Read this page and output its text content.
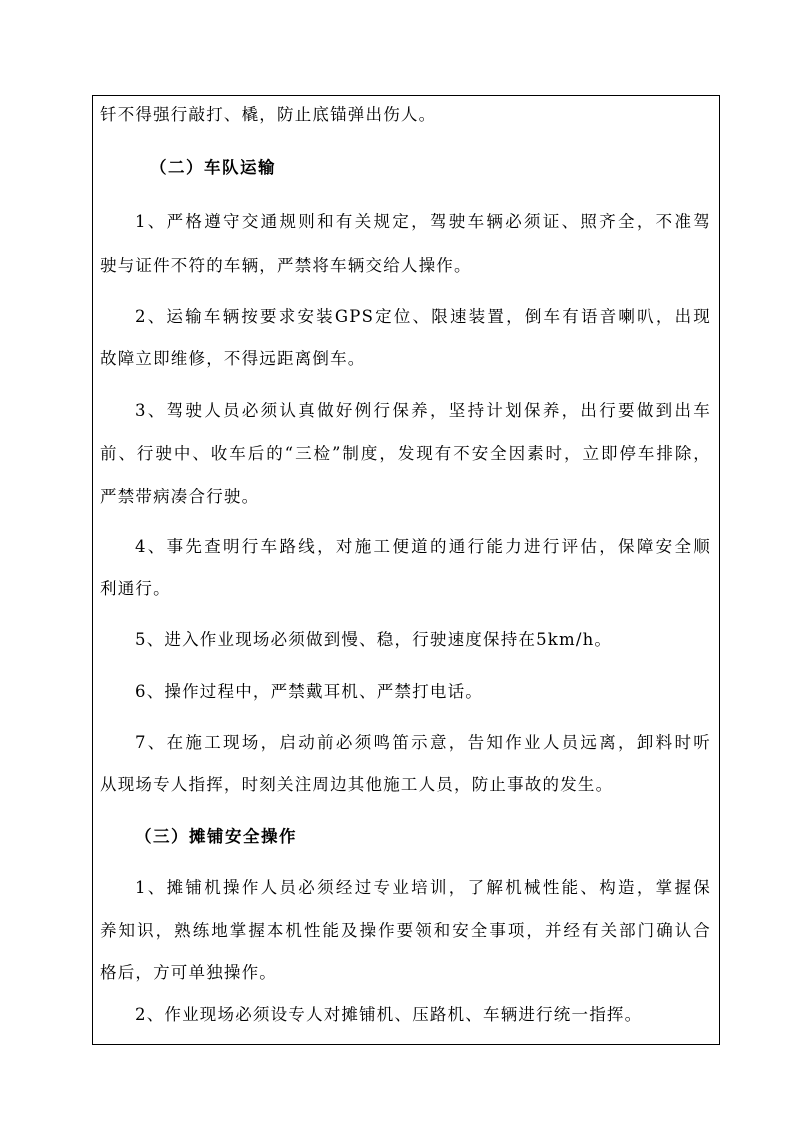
钎不得强行敲打、橇，防止底锚弹出伤人。
（二）车队运输
1、严格遵守交通规则和有关规定，驾驶车辆必须证、照齐全，不准驾
驶与证件不符的车辆，严禁将车辆交给人操作。
2、运输车辆按要求安装GPS定位、限速装置，倒车有语音喇叭，出现
故障立即维修，不得远距离倒车。
3、驾驶人员必须认真做好例行保养，坚持计划保养，出行要做到出车
前、行驶中、收车后的“三检”制度，发现有不安全因素时，立即停车排除，
严禁带病凑合行驶。
4、事先查明行车路线，对施工便道的通行能力进行评估，保障安全顺
利通行。
5、进入作业现场必须做到慢、稳，行驶速度保持在5km/h。
6、操作过程中，严禁戴耳机、严禁打电话。
7、在施工现场，启动前必须鸣笛示意，告知作业人员远离，卸料时听
从现场专人指挥，时刻关注周边其他施工人员，防止事故的发生。
（三）摊铺安全操作
1、摊铺机操作人员必须经过专业培训，了解机械性能、构造，掌握保
养知识，熟练地掌握本机性能及操作要领和安全事项，并经有关部门确认合
格后，方可单独操作。
2、作业现场必须设专人对摊铺机、压路机、车辆进行统一指挥。
